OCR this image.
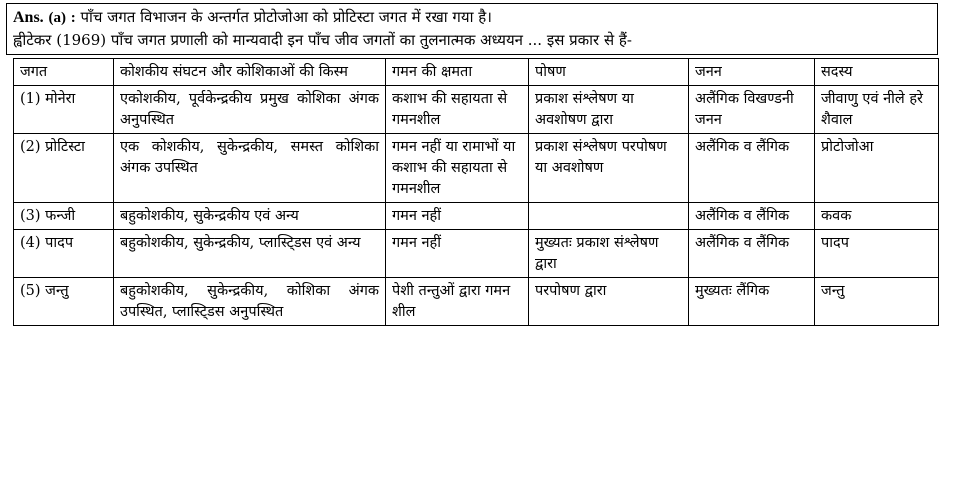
Ans. (a) : पाँच जगत विभाजन के अन्तर्गत प्रोटोजोआ को प्रोटिस्टा जगत में रखा गया है।
ह्वीटेकर (1969) पाँच जगत प्रणाली को मान्यवादी इन पाँच जीव जगतों का तुलनात्मक अध्ययन ... इस प्रकार से हैं-
जगत	कोशकीय संघटन और कोशिकाओं की किस्म	गमन की क्षमता	पोषण	जनन	सदस्य
(1) मोनेरा	एकोशकीय, पूर्वकेन्द्रकीय प्रमुख कोशिका अंगक अनुपस्थित	कशाभ की सहायता से गमनशील	प्रकाश संश्लेषण या अवशोषण द्वारा	अलैंगिक विखण्डनी जनन	जीवाणु एवं नीले हरे शैवाल
(2) प्रोटिस्टा	एक कोशकीय, सुकेन्द्रकीय, समस्त कोशिका अंगक उपस्थित	गमन नहीं या रामाभों या कशाभ की सहायता से गमनशील	प्रकाश संश्लेषण परपोषण या अवशोषण	अलैंगिक व लैंगिक	प्रोटोजोआ
(3) फन्जी	बहुकोशकीय, सुकेन्द्रकीय एवं अन्य	गमन नहीं		अलैंगिक व लैंगिक	कवक
(4) पादप	बहुकोशकीय, सुकेन्द्रकीय, प्लास्टि्डस एवं अन्य	गमन नहीं	मुख्यतः प्रकाश संश्लेषण द्वारा	अलैंगिक व लैंगिक	पादप
(5) जन्तु	बहुकोशकीय, सुकेन्द्रकीय, कोशिका अंगक उपस्थित, प्लास्टि्डस अनुपस्थित	पेशी तन्तुओं द्वारा गमन शील	परपोषण द्वारा	मुख्यतः लैंगिक	जन्तु
